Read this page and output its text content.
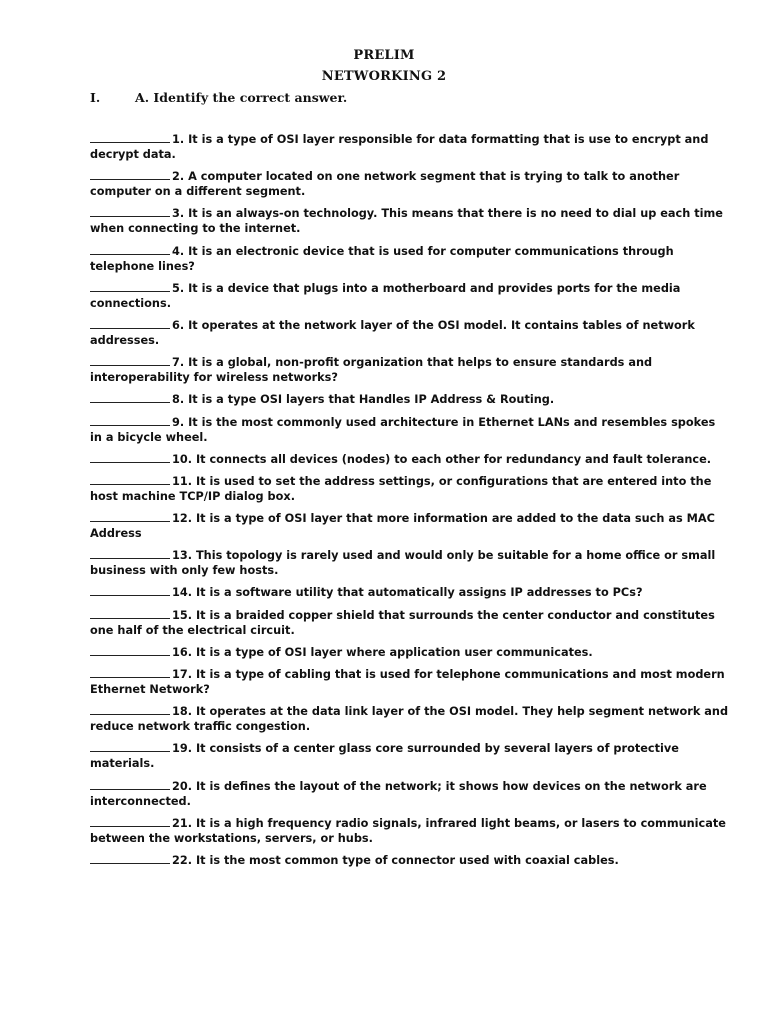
PRELIM
NETWORKING 2
I.	A. Identify the correct answer.
1. It is a type of OSI layer responsible for data formatting that is use to encrypt and decrypt data.
2. A computer located on one network segment that is trying to talk to another computer on a different segment.
3. It is an always-on technology. This means that there is no need to dial up each time when connecting to the internet.
4. It is an electronic device that is used for computer communications through telephone lines?
5. It is a device that plugs into a motherboard and provides ports for the media connections.
6. It operates at the network layer of the OSI model. It contains tables of network addresses.
7. It is a global, non-profit organization that helps to ensure standards and interoperability for wireless networks?
8. It is a type OSI layers that Handles IP Address & Routing.
9. It is the most commonly used architecture in Ethernet LANs and resembles spokes in a bicycle wheel.
10. It connects all devices (nodes) to each other for redundancy and fault tolerance.
11. It is used to set the address settings, or configurations that are entered into the host machine TCP/IP dialog box.
12. It is a type of OSI layer that more information are added to the data such as MAC Address
13. This topology is rarely used and would only be suitable for a home office or small business with only few hosts.
14. It is a software utility that automatically assigns IP addresses to PCs?
15. It is a braided copper shield that surrounds the center conductor and constitutes one half of the electrical circuit.
16. It is a type of OSI layer where application user communicates.
17. It is a type of cabling that is used for telephone communications and most modern Ethernet Network?
18. It operates at the data link layer of the OSI model. They help segment network and reduce network traffic congestion.
19. It consists of a center glass core surrounded by several layers of protective materials.
20. It is defines the layout of the network; it shows how devices on the network are interconnected.
21. It is a high frequency radio signals, infrared light beams, or lasers to communicate between the workstations, servers, or hubs.
22. It is the most common type of connector used with coaxial cables.
